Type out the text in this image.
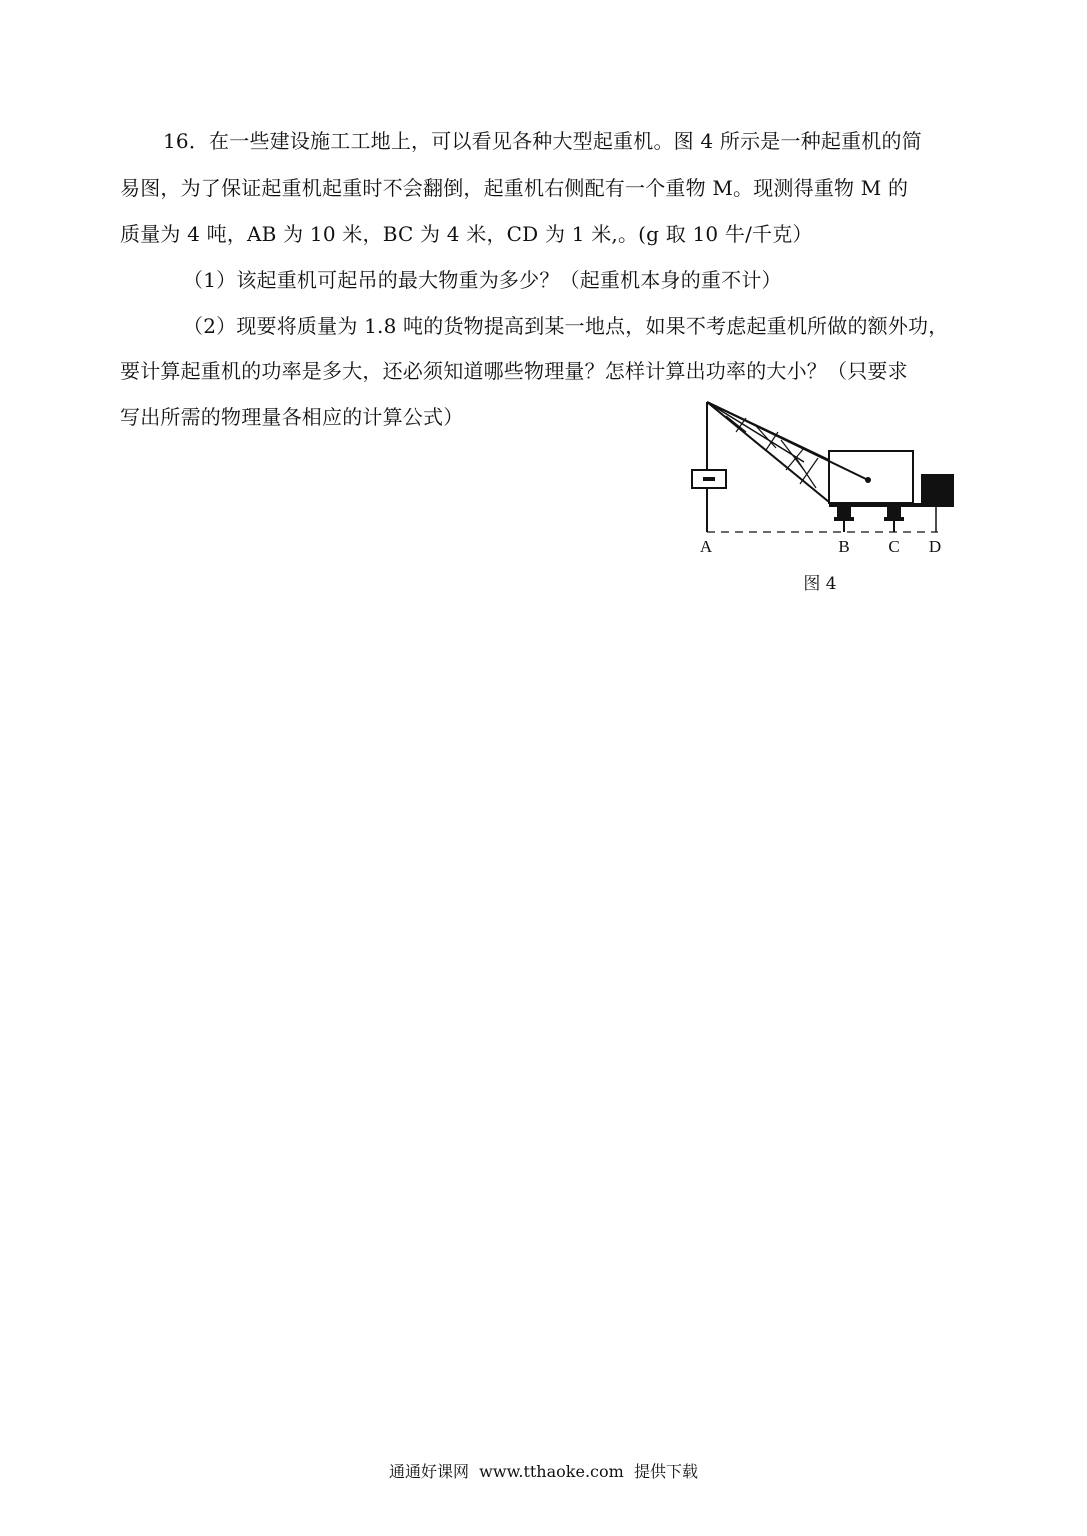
16．在一些建设施工工地上，可以看见各种大型起重机。图 4 所示是一种起重机的简
易图，为了保证起重机起重时不会翻倒，起重机右侧配有一个重物 M。现测得重物 M 的
质量为 4 吨，AB 为 10 米，BC 为 4 米，CD 为 1 米,。(g 取 10 牛/千克）
（1）该起重机可起吊的最大物重为多少？（起重机本身的重不计）
（2）现要将质量为 1.8 吨的货物提高到某一地点，如果不考虑起重机所做的额外功，
要计算起重机的功率是多大，还必须知道哪些物理量？怎样计算出功率的大小？（只要求
写出所需的物理量各相应的计算公式）
A	B C D
图 4
通通好课网  www.tthaoke.com  提供下载
